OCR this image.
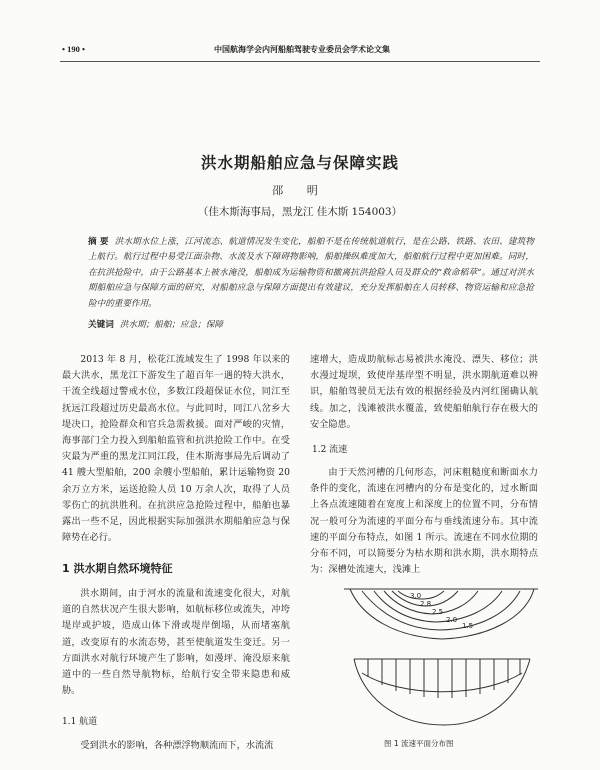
• 190 •	中国航海学会内河船舶驾驶专业委员会学术论文集
洪水期船舶应急与保障实践
邵 明
（佳木斯海事局，黑龙江 佳木斯 154003）
摘 要 洪水期水位上涨，江河流态、航道情况发生变化，船舶不是在传统航道航行，是在公路、铁路、农田、建筑物上航行。航行过程中易受江面杂物、水流及水下障碍物影响，船舶操纵难度加大，船舶航行过程中更加困难。同时，在抗洪抢险中，由于公路基本上被水淹没，船舶成为运输物资和撤离抗洪抢险人员及群众的“救命稻草”。通过对洪水期船舶应急与保障方面的研究，对船舶应急与保障方面提出有效建议，充分发挥船舶在人员转移、物资运输和应急抢险中的重要作用。
关键词 洪水期；船舶；应急；保障

2013 年 8 月，松花江流域发生了 1998 年以来的最大洪水，黑龙江下游发生了超百年一遇的特大洪水，干流全线超过警戒水位，多数江段超保证水位，同江至抚远江段超过历史最高水位。与此同时，同江八岔乡大堤决口，抢险群众和官兵急需救援。面对严峻的灾情，海事部门全力投入到船舶监管和抗洪抢险工作中。在受灾最为严重的黑龙江同江段，佳木斯海事局先后调动了 41 艘大型船舶，200 余艘小型船舶，累计运输物资 20 余万立方米，运送抢险人员 10 万余人次，取得了人员零伤亡的抗洪胜利。在抗洪应急抢险过程中，船舶也暴露出一些不足，因此根据实际加强洪水期船舶应急与保障势在必行。

1 洪水期自然环境特征

洪水期间，由于河水的流量和流速变化很大，对航道的自然状况产生很大影响，如航标移位或流失，冲垮堤岸或护坡，造成山体下滑或堤岸倒塌，从而堵塞航道，改变原有的水流态势，甚至使航道发生变迁。另一方面洪水对航行环境产生了影响，如漫坪、淹没原来航道中的一些自然导航物标，给航行安全带来隐患和威胁。

1.1 航道

受到洪水的影响，各种漂浮物顺流而下，水流流

速增大，造成助航标志易被洪水淹没、漂失、移位；洪水漫过堤坝，致使岸基岸型不明显，洪水期航道难以辨识，船舶驾驶员无法有效的根据经验及内河红图确认航线。加之，浅滩被洪水覆盖，致使船舶航行存在极大的安全隐患。

1.2 流速

由于天然河槽的几何形态，河床粗糙度和断面水力条件的变化，流速在河槽内的分布是变化的，过水断面上各点流速随着在宽度上和深度上的位置不同，分布情况一般可分为流速的平面分布与垂线流速分布。其中流速的平面分布特点，如图 1 所示。流速在不同水位期的分布不同，可以简要分为枯水期和洪水期，洪水期特点为：深槽处流速大，浅滩上

3.0
2.8
2.5
2.0
1.5
图 1 流速平面分布图
